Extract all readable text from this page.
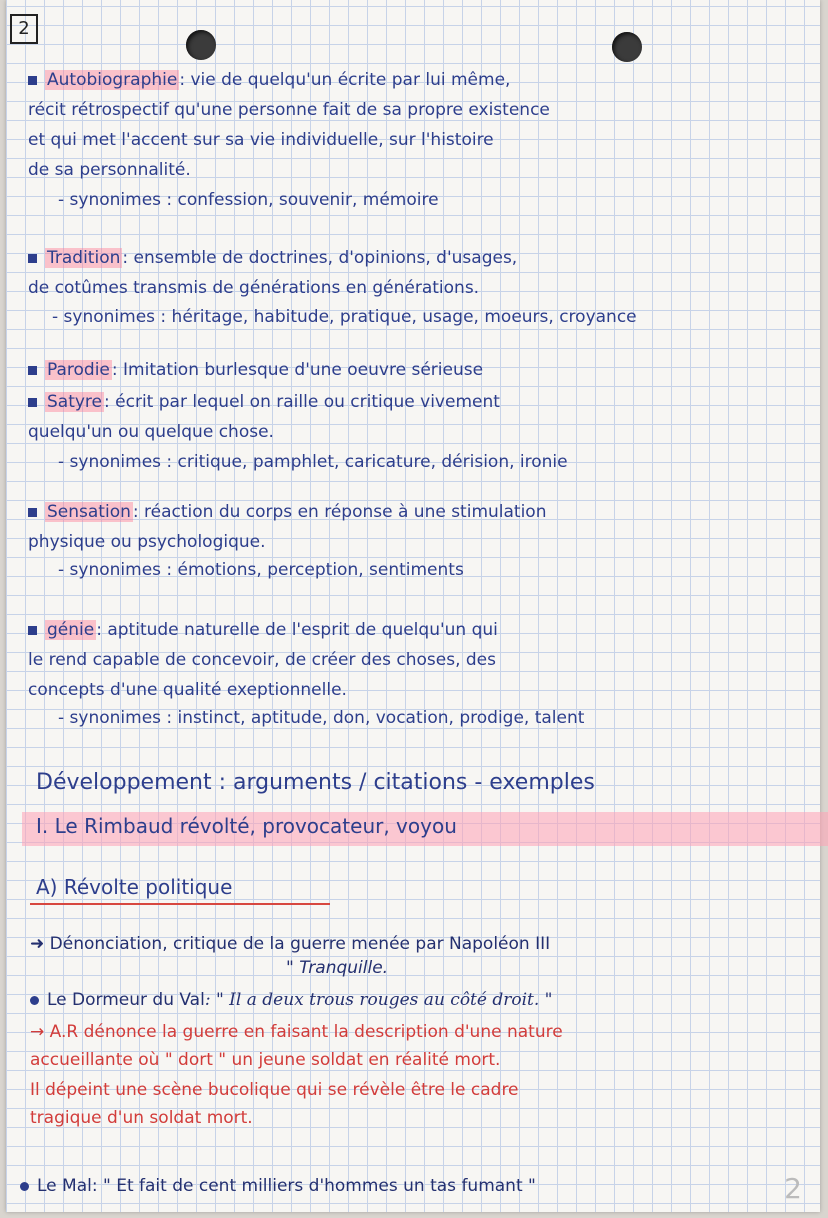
2
Autobiographie : vie de quelqu'un écrite par lui même,
récit rétrospectif qu'une personne fait de sa propre existence
et qui met l'accent sur sa vie individuelle, sur l'histoire
de sa personnalité.
- synonimes : confession, souvenir, mémoire
Tradition : ensemble de doctrines, d'opinions, d'usages,
de cotûmes transmis de générations en générations.
- synonimes : héritage, habitude, pratique, usage, moeurs, croyance
Parodie : Imitation burlesque d'une oeuvre sérieuse
Satyre : écrit par lequel on raille ou critique vivement
quelqu'un ou quelque chose.
- synonimes : critique, pamphlet, caricature, dérision, ironie
Sensation : réaction du corps en réponse à une stimulation
physique ou psychologique.
- synonimes : émotions, perception, sentiments
génie : aptitude naturelle de l'esprit de quelqu'un qui
le rend capable de concevoir, de créer des choses, des
concepts d'une qualité exeptionnelle.
- synonimes : instinct, aptitude, don, vocation, prodige, talent
Développement : arguments / citations - exemples
I. Le Rimbaud révolté, provocateur, voyou
A) Révolte politique
➜ Dénonciation, critique de la guerre menée par Napoléon III
" Tranquille.
Le Dormeur du Val: " Il a deux trous rouges au côté droit. "
→ A.R dénonce la guerre en faisant la description d'une nature
accueillante où " dort " un jeune soldat en réalité mort.
Il dépeint une scène bucolique qui se révèle être le cadre
tragique d'un soldat mort.
Le Mal: " Et fait de cent milliers d'hommes un tas fumant "	2
